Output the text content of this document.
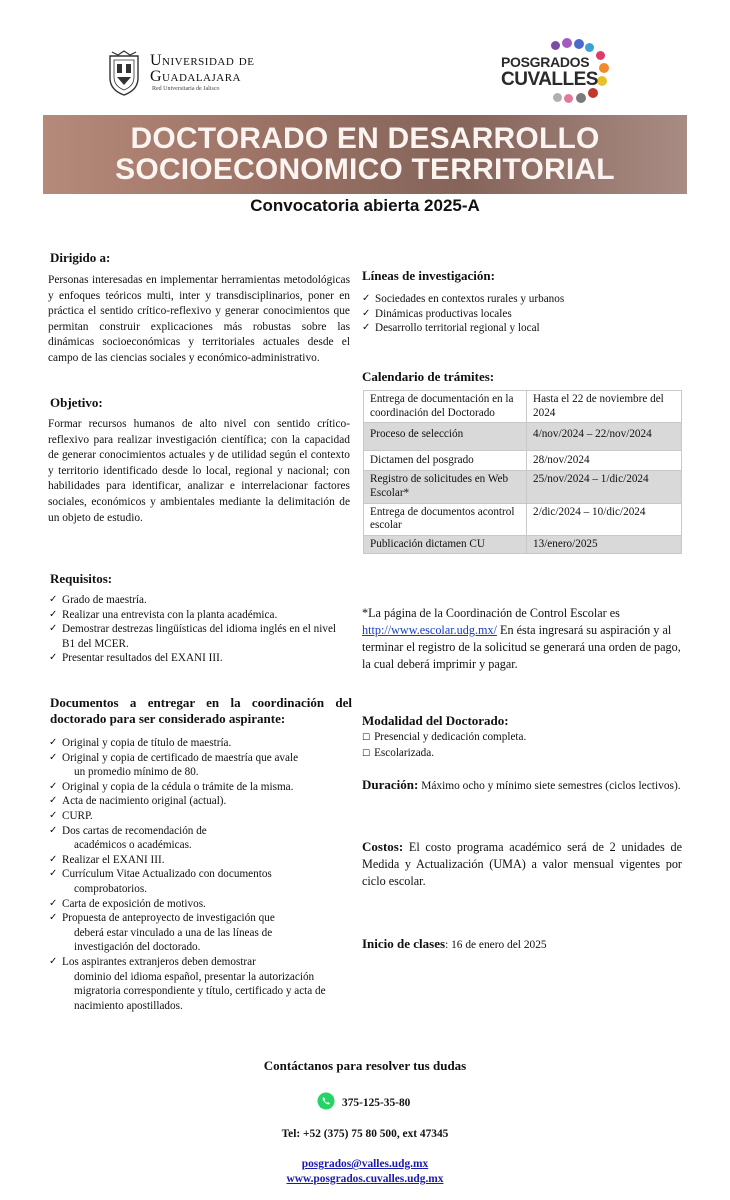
Universidad de
Guadalajara
Red Universitaria de Jalisco
POSGRADOS
CUVALLES
DOCTORADO EN DESARROLLO
SOCIOECONOMICO TERRITORIAL
Convocatoria abierta 2025-A
Dirigido a:
Personas interesadas en implementar herramientas metodológicas y enfoques teóricos multi, inter y transdisciplinarios, poner en práctica el sentido crítico-reflexivo y generar conocimientos que permitan construir explicaciones más robustas sobre las dinámicas socioeconómicas y territoriales actuales desde el campo de las ciencias sociales y económico-administrativo.
Objetivo:
Formar recursos humanos de alto nivel con sentido crítico-reflexivo para realizar investigación científica; con la capacidad de generar conocimientos actuales y de utilidad según el contexto y territorio identificado desde lo local, regional y nacional; con habilidades para identificar, analizar e interrelacionar factores sociales, económicos y ambientales mediante la delimitación de un objeto de estudio.
Requisitos:
✓ Grado de maestría.
✓ Realizar una entrevista con la planta académica.
✓ Demostrar destrezas lingüísticas del idioma inglés en el nivel B1 del MCER.
✓ Presentar resultados del EXANI III.
Documentos a entregar en la coordinación del doctorado para ser considerado aspirante:
✓ Original y copia de título de maestría.
✓ Original y copia de certificado de maestría que avale
un promedio mínimo de 80.
✓ Original y copia de la cédula o trámite de la misma.
✓ Acta de nacimiento original (actual).
✓ CURP.
✓ Dos cartas de recomendación de
académicos o académicas.
✓ Realizar el EXANI III.
✓ Currículum Vitae Actualizado con documentos
comprobatorios.
✓ Carta de exposición de motivos.
✓ Propuesta de anteproyecto de investigación que
deberá estar vinculado a una de las líneas de investigación del doctorado.
✓ Los aspirantes extranjeros deben demostrar
dominio del idioma español, presentar la autorización migratoria correspondiente y título, certificado y acta de nacimiento apostillados.
Líneas de investigación:
✓ Sociedades en contextos rurales y urbanos
✓ Dinámicas productivas locales
✓ Desarrollo territorial regional y local
Calendario de trámites:
Entrega de documentación en la coordinación del Doctorado	Hasta el 22 de noviembre del 2024
Proceso de selección	4/nov/2024 – 22/nov/2024
Dictamen del posgrado	28/nov/2024
Registro de solicitudes en Web Escolar*	25/nov/2024 – 1/dic/2024
Entrega de documentos acontrol escolar	2/dic/2024 – 10/dic/2024
Publicación dictamen CU	13/enero/2025
*La página de la Coordinación de Control Escolar es http://www.escolar.udg.mx/ En ésta ingresará su aspiración y al terminar el registro de la solicitud se generará una orden de pago, la cual deberá imprimir y pagar.
Modalidad del Doctorado:
☐ Presencial y dedicación completa.
☐ Escolarizada.
Duración: Máximo ocho y mínimo siete semestres (ciclos lectivos).
Costos: El costo programa académico será de 2 unidades de Medida y Actualización (UMA) a valor mensual vigentes por ciclo escolar.
Inicio de clases: 16 de enero del 2025
Contáctanos para resolver tus dudas
375-125-35-80
Tel: +52 (375) 75 80 500, ext 47345
posgrados@valles.udg.mx
www.posgrados.cuvalles.udg.mx
